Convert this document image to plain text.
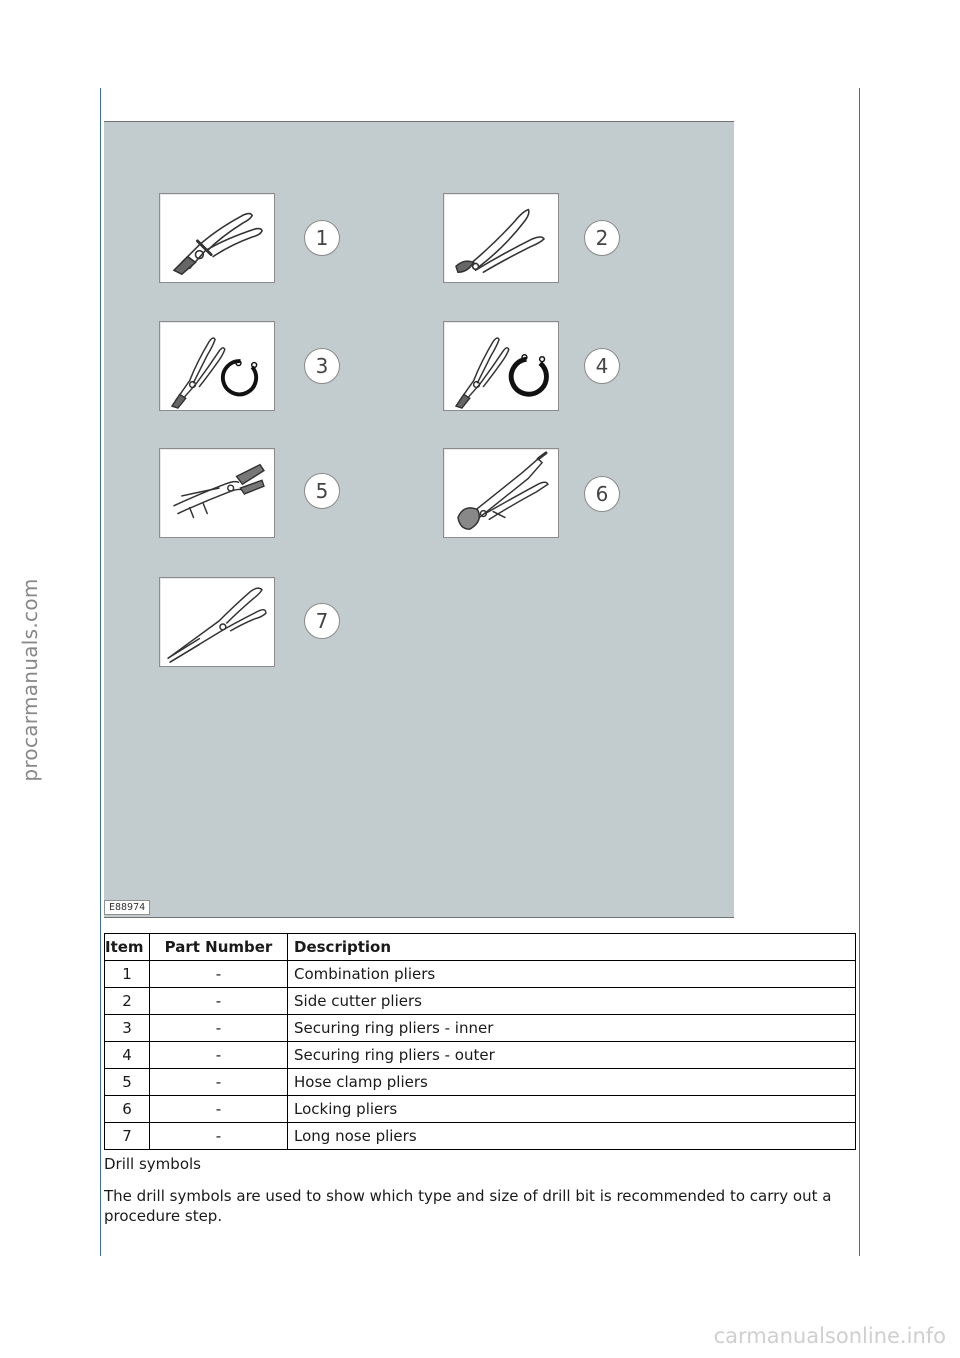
procarmanuals.com
1	2
3	4
5	6
7
E88974
Item	Part Number	Description
1	-	Combination pliers
2	-	Side cutter pliers
3	-	Securing ring pliers - inner
4	-	Securing ring pliers - outer
5	-	Hose clamp pliers
6	-	Locking pliers
7	-	Long nose pliers
Drill symbols
The drill symbols are used to show which type and size of drill bit is recommended to carry out a procedure step.
carmanualsonline.info
